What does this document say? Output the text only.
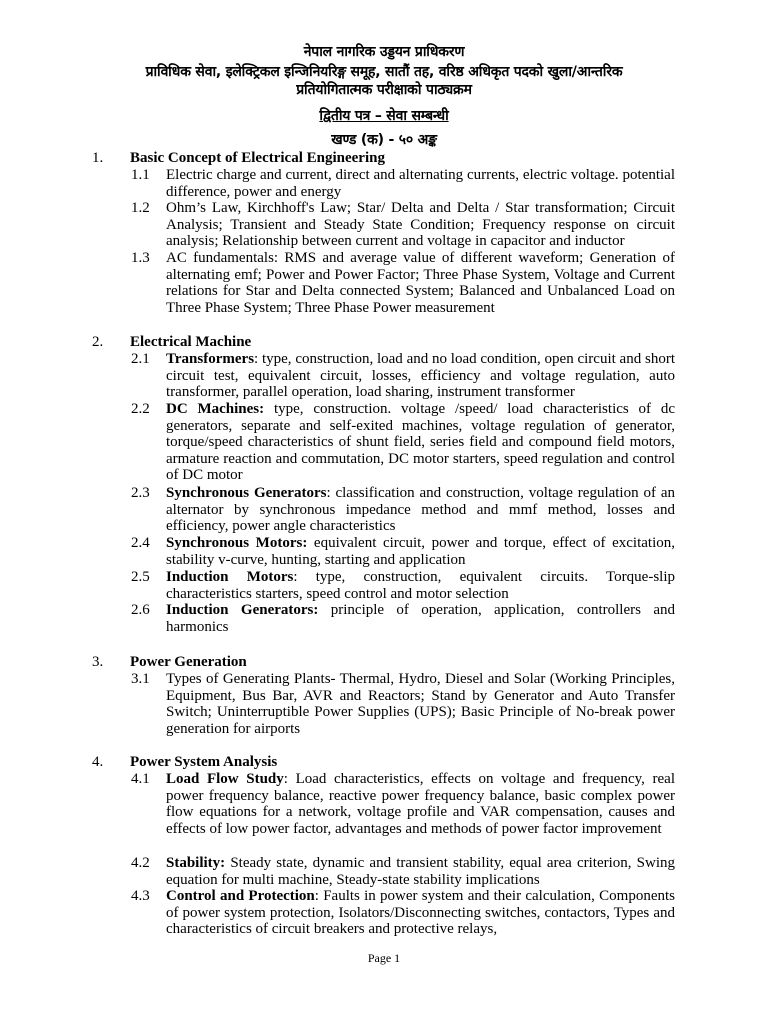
नेपाल नागरिक उड्डयन प्राधिकरण
प्राविधिक सेवा, इलेक्ट्रिकल इन्जिनियरिङ्ग समूह, सातौं तह, वरिष्ठ अधिकृत पदको खुला/आन्तरिक
प्रतियोगितात्मक परीक्षाको पाठ्यक्रम
द्वितीय पत्र – सेवा सम्बन्धी
खण्ड (क) - ५० अङ्क
1.	Basic Concept of Electrical Engineering
1.1	Electric charge and current, direct and alternating currents, electric voltage. potential difference, power and energy
1.2	Ohm’s Law, Kirchhoff's Law; Star/ Delta and Delta / Star transformation; Circuit Analysis; Transient and Steady State Condition; Frequency response on circuit analysis; Relationship between current and voltage in capacitor and inductor
1.3	AC fundamentals: RMS and average value of different waveform; Generation of alternating emf; Power and Power Factor; Three Phase System, Voltage and Current relations for Star and Delta connected System; Balanced and Unbalanced Load on Three Phase System; Three Phase Power measurement
2.	Electrical Machine
2.1	Transformers: type, construction, load and no load condition, open circuit and short circuit test, equivalent circuit, losses, efficiency and voltage regulation, auto transformer, parallel operation, load sharing, instrument transformer
2.2	DC Machines: type, construction. voltage /speed/ load characteristics of dc generators, separate and self-exited machines, voltage regulation of generator, torque/speed characteristics of shunt field, series field and compound field motors, armature reaction and commutation, DC motor starters, speed regulation and control of DC motor
2.3	Synchronous Generators: classification and construction, voltage regulation of an alternator by synchronous impedance method and mmf method, losses and efficiency, power angle characteristics
2.4	Synchronous Motors: equivalent circuit, power and torque, effect of excitation, stability v-curve, hunting, starting and application
2.5	Induction Motors: type, construction, equivalent circuits. Torque-slip characteristics starters, speed control and motor selection
2.6	Induction Generators: principle of operation, application, controllers and harmonics
3.	Power Generation
3.1	Types of Generating Plants- Thermal, Hydro, Diesel and Solar (Working Principles, Equipment, Bus Bar, AVR and Reactors; Stand by Generator and Auto Transfer Switch; Uninterruptible Power Supplies (UPS); Basic Principle of No-break power generation for airports
4.	Power System Analysis
4.1	Load Flow Study: Load characteristics, effects on voltage and frequency, real power frequency balance, reactive power frequency balance, basic complex power flow equations for a network, voltage profile and VAR compensation, causes and effects of low power factor, advantages and methods of power factor improvement
4.2	Stability: Steady state, dynamic and transient stability, equal area criterion, Swing equation for multi machine, Steady-state stability implications
4.3	Control and Protection: Faults in power system and their calculation, Components of power system protection, Isolators/Disconnecting switches, contactors, Types and characteristics of circuit breakers and protective relays,
Page 1
